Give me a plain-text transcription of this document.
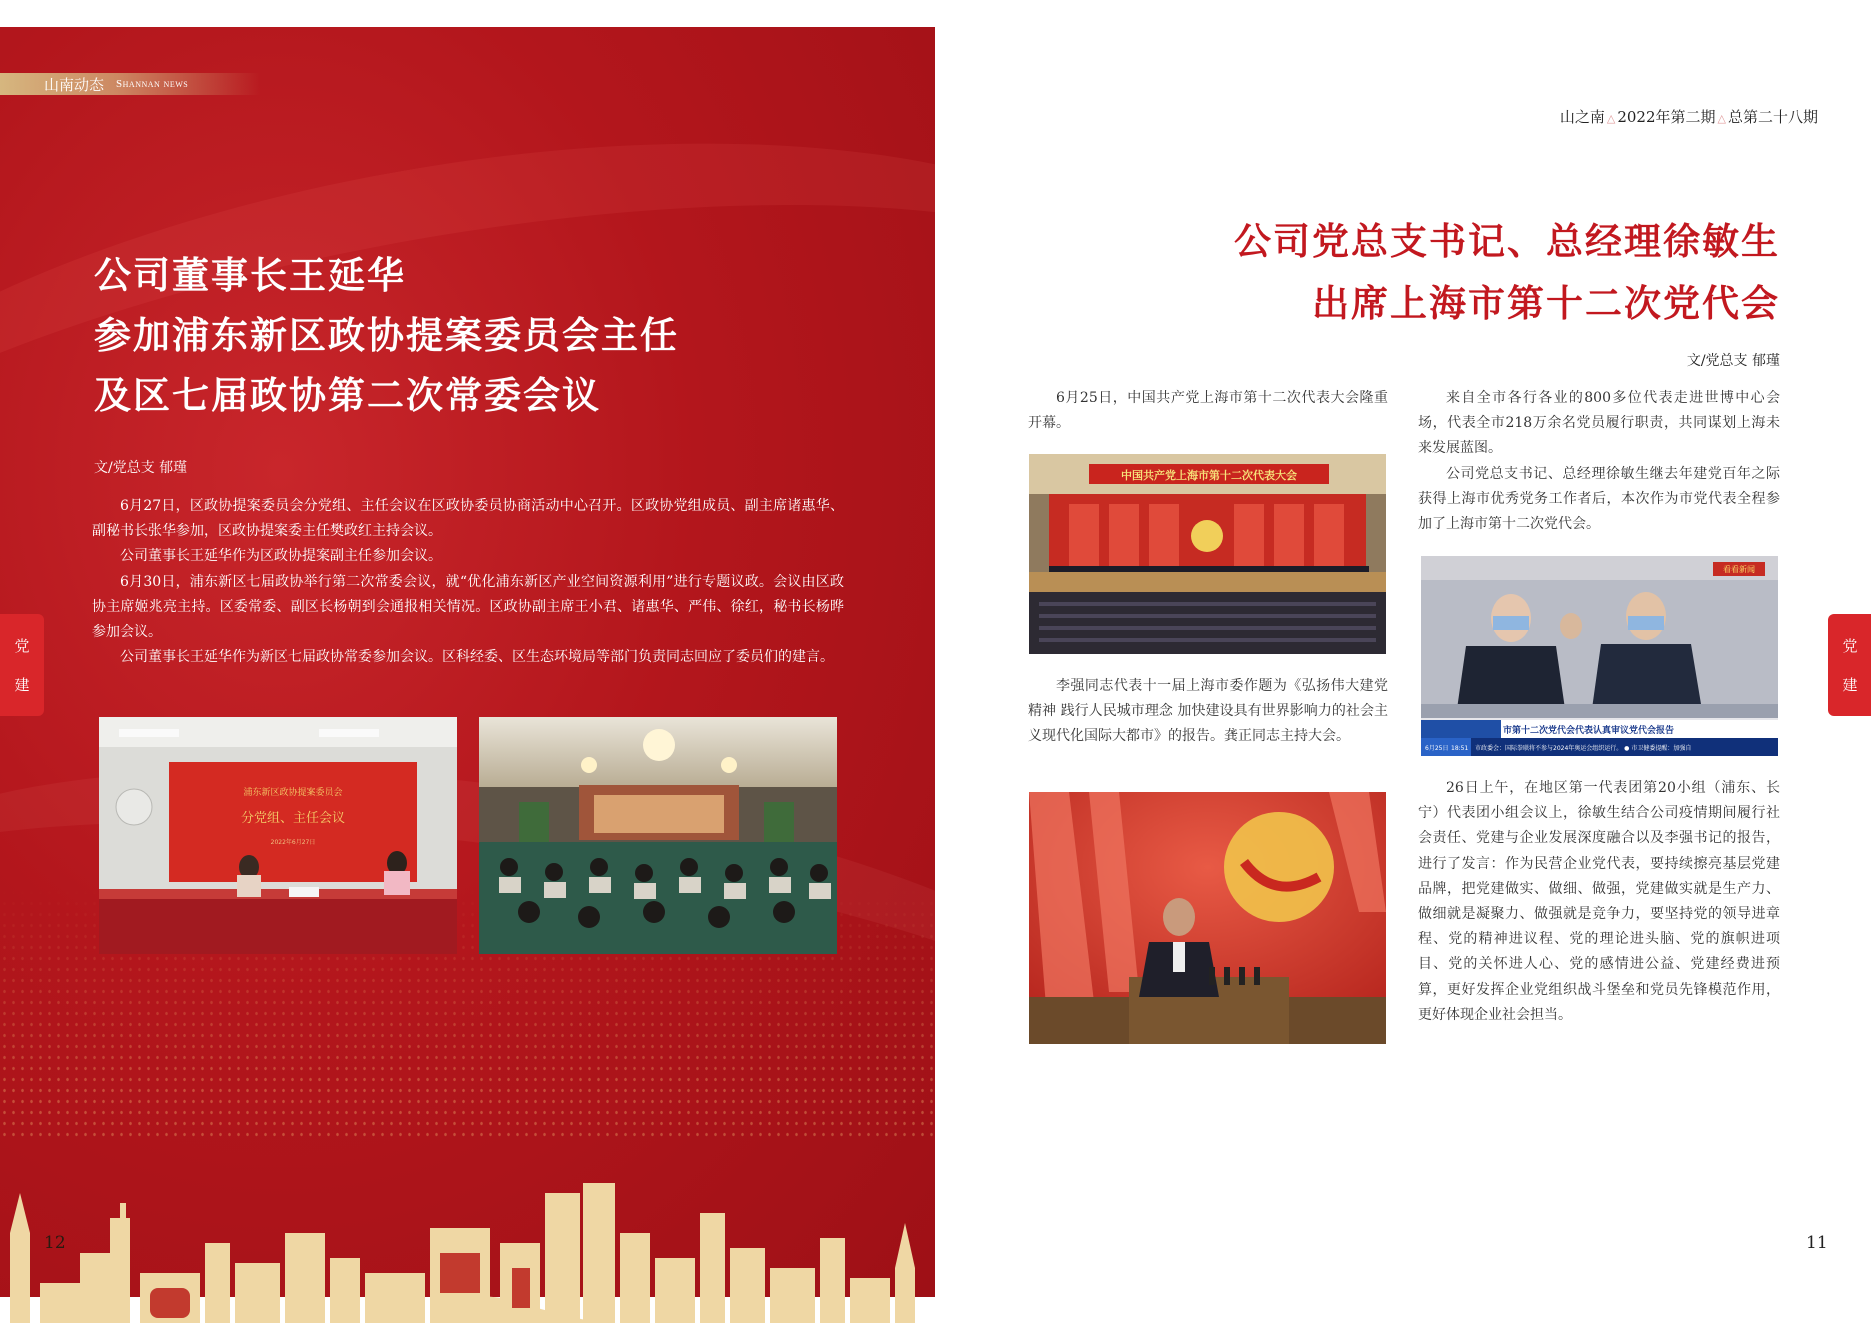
山南动态 Shannan news
公司董事长王延华
参加浦东新区政协提案委员会主任
及区七届政协第二次常委会议
文/党总支 郁瑾

6月27日，区政协提案委员会分党组、主任会议在区政协委员协商活动中心召开。区政协党组成员、副主席诸惠华、副秘书长张华参加，区政协提案委主任樊政红主持会议。

公司董事长王延华作为区政协提案副主任参加会议。

6月30日，浦东新区七届政协举行第二次常委会议，就“优化浦东新区产业空间资源利用”进行专题议政。会议由区政协主席姬兆亮主持。区委常委、副区长杨朝到会通报相关情况。区政协副主席王小君、诸惠华、严伟、徐红，秘书长杨晔参加会议。

公司董事长王延华作为新区七届政协常委参加会议。区科经委、区生态环境局等部门负责同志回应了委员们的建言。

浦东新区政协提案委员会
分党组、主任会议
2022年6月27日
12
党
建
山之南 △ 2022年第二期 △ 总第二十八期
公司党总支书记、总经理徐敏生
出席上海市第十二次党代会
文/党总支 郁瑾

6月25日，中国共产党上海市第十二次代表大会隆重开幕。

中国共产党上海市第十二次代表大会

李强同志代表十一届上海市委作题为《弘扬伟大建党精神 践行人民城市理念 加快建设具有世界影响力的社会主义现代化国际大都市》的报告。龚正同志主持大会。

来自全市各行各业的800多位代表走进世博中心会场，代表全市218万余名党员履行职责，共同谋划上海未来发展蓝图。

公司党总支书记、总经理徐敏生继去年建党百年之际获得上海市优秀党务工作者后，本次作为市党代表全程参加了上海市第十二次党代会。

看看新闻
市第十二次党代会代表认真审议党代会报告
6月25日 18:51 市政委会：国际拳联将不参与2024年奥运会组织运行。 ● 市卫健委提醒：加强自

26日上午，在地区第一代表团第20小组（浦东、长宁）代表团小组会议上，徐敏生结合公司疫情期间履行社会责任、党建与企业发展深度融合以及李强书记的报告，进行了发言：作为民营企业党代表，要持续擦亮基层党建品牌，把党建做实、做细、做强，党建做实就是生产力、做细就是凝聚力、做强就是竞争力，要坚持党的领导进章程、党的精神进议程、党的理论进头脑、党的旗帜进项目、党的关怀进人心、党的感情进公益、党建经费进预算，更好发挥企业党组织战斗堡垒和党员先锋模范作用，更好体现企业社会担当。

11
党
建
